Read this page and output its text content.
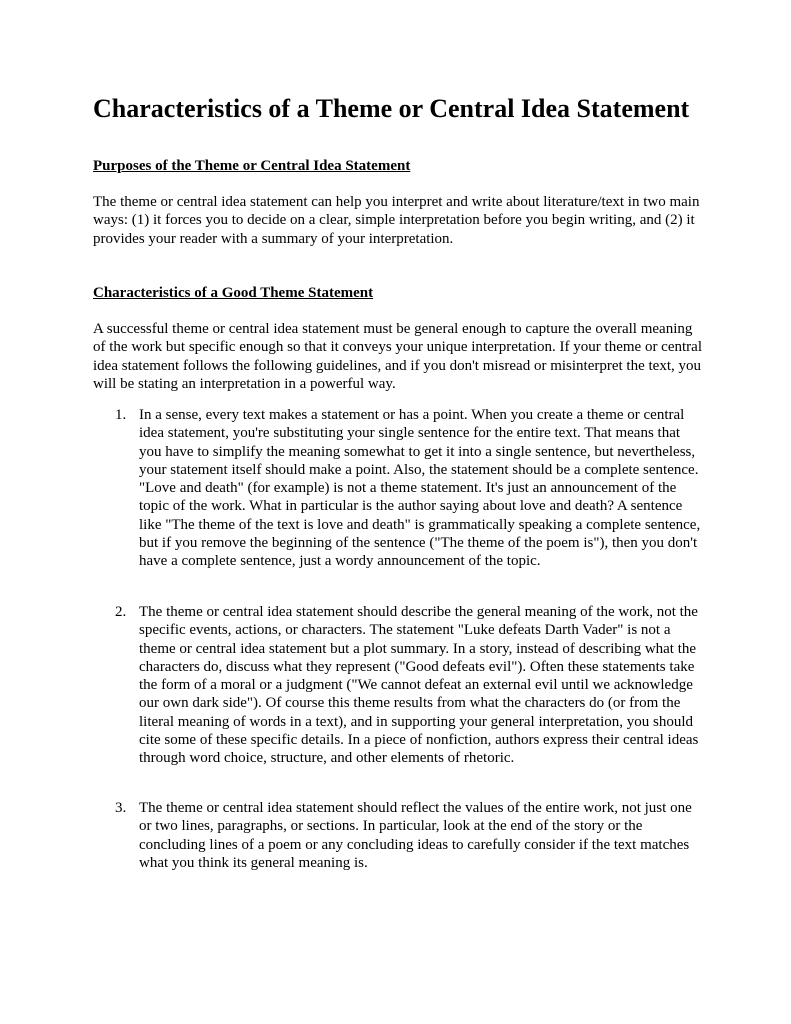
Characteristics of a Theme or Central Idea Statement
Purposes of the Theme or Central Idea Statement

The theme or central idea statement can help you interpret and write about literature/text in two main ways: (1) it forces you to decide on a clear, simple interpretation before you begin writing, and (2) it provides your reader with a summary of your interpretation.

Characteristics of a Good Theme Statement

A successful theme or central idea statement must be general enough to capture the overall meaning of the work but specific enough so that it conveys your unique interpretation. If your theme or central idea statement follows the following guidelines, and if you don't misread or misinterpret the text, you will be stating an interpretation in a powerful way.

1. In a sense, every text makes a statement or has a point. When you create a theme or central idea statement, you're substituting your single sentence for the entire text. That means that you have to simplify the meaning somewhat to get it into a single sentence, but nevertheless, your statement itself should make a point. Also, the statement should be a complete sentence. "Love and death" (for example) is not a theme statement. It's just an announcement of the topic of the work. What in particular is the author saying about love and death? A sentence like "The theme of the text is love and death" is grammatically speaking a complete sentence, but if you remove the beginning of the sentence ("The theme of the poem is"), then you don't have a complete sentence, just a wordy announcement of the topic.

2. The theme or central idea statement should describe the general meaning of the work, not the specific events, actions, or characters. The statement "Luke defeats Darth Vader" is not a theme or central idea statement but a plot summary. In a story, instead of describing what the characters do, discuss what they represent ("Good defeats evil"). Often these statements take the form of a moral or a judgment ("We cannot defeat an external evil until we acknowledge our own dark side"). Of course this theme results from what the characters do (or from the literal meaning of words in a text), and in supporting your general interpretation, you should cite some of these specific details. In a piece of nonfiction, authors express their central ideas through word choice, structure, and other elements of rhetoric.

3. The theme or central idea statement should reflect the values of the entire work, not just one or two lines, paragraphs, or sections. In particular, look at the end of the story or the concluding lines of a poem or any concluding ideas to carefully consider if the text matches what you think its general meaning is.
